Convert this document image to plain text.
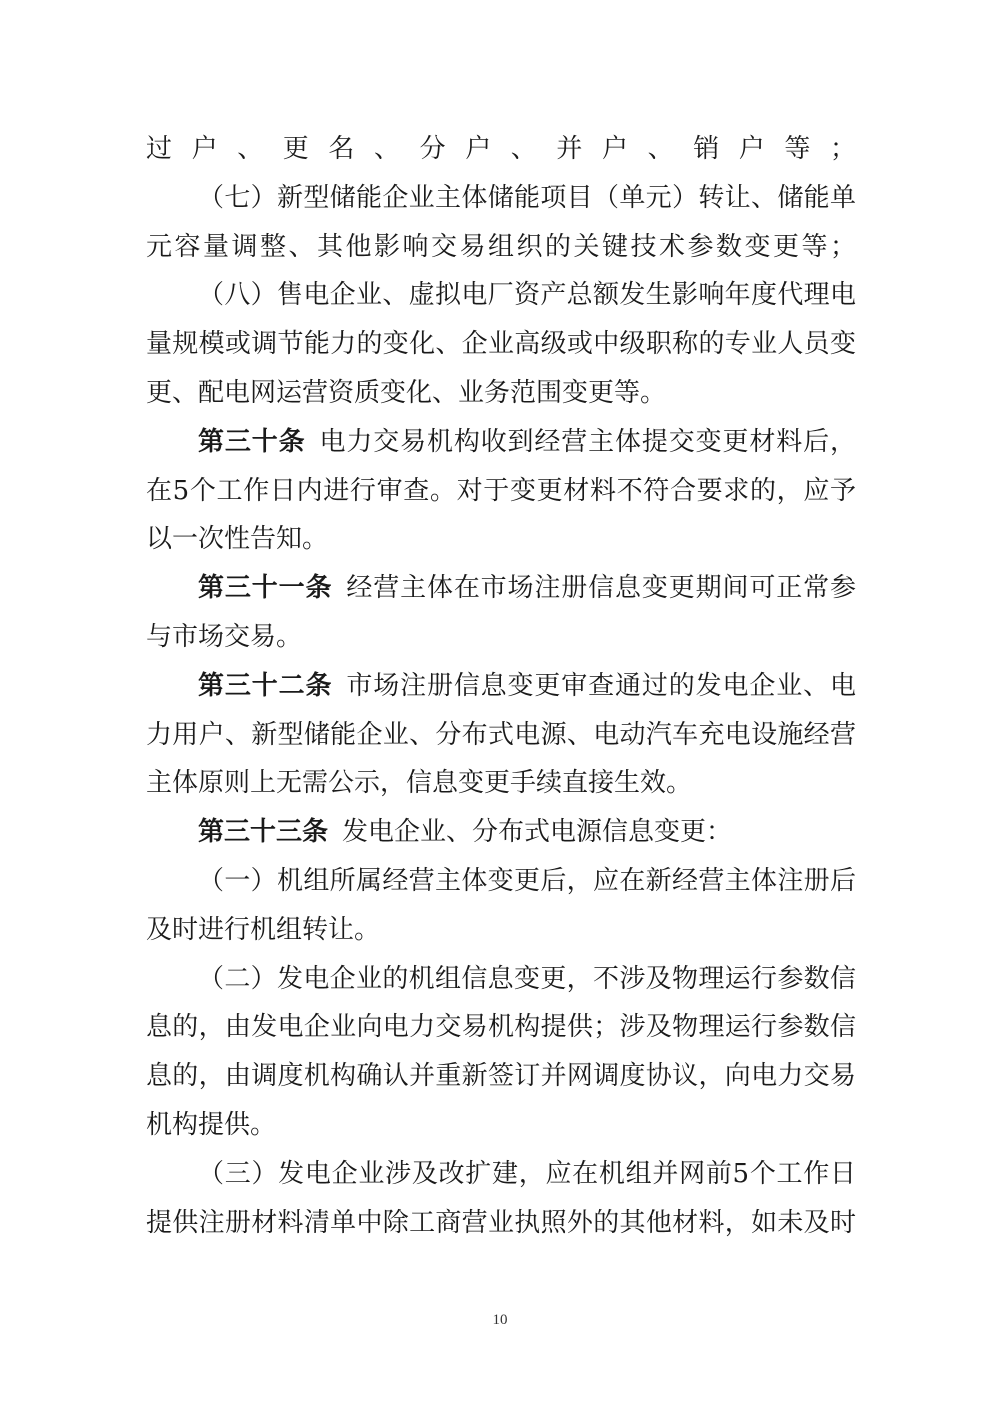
过户、更名、分户、并户、销户等；
（七）新型储能企业主体储能项目（单元）转让、储能单
元容量调整、其他影响交易组织的关键技术参数变更等；
（八）售电企业、虚拟电厂资产总额发生影响年度代理电
量规模或调节能力的变化、企业高级或中级职称的专业人员变
更、配电网运营资质变化、业务范围变更等。
第三十条 电力交易机构收到经营主体提交变更材料后，
在5个工作日内进行审查。对于变更材料不符合要求的，应予
以一次性告知。
第三十一条 经营主体在市场注册信息变更期间可正常参
与市场交易。
第三十二条 市场注册信息变更审查通过的发电企业、电
力用户、新型储能企业、分布式电源、电动汽车充电设施经营
主体原则上无需公示，信息变更手续直接生效。
第三十三条 发电企业、分布式电源信息变更：
（一）机组所属经营主体变更后，应在新经营主体注册后
及时进行机组转让。
（二）发电企业的机组信息变更，不涉及物理运行参数信
息的，由发电企业向电力交易机构提供；涉及物理运行参数信
息的，由调度机构确认并重新签订并网调度协议，向电力交易
机构提供。
（三）发电企业涉及改扩建，应在机组并网前5个工作日
提供注册材料清单中除工商营业执照外的其他材料，如未及时
10
